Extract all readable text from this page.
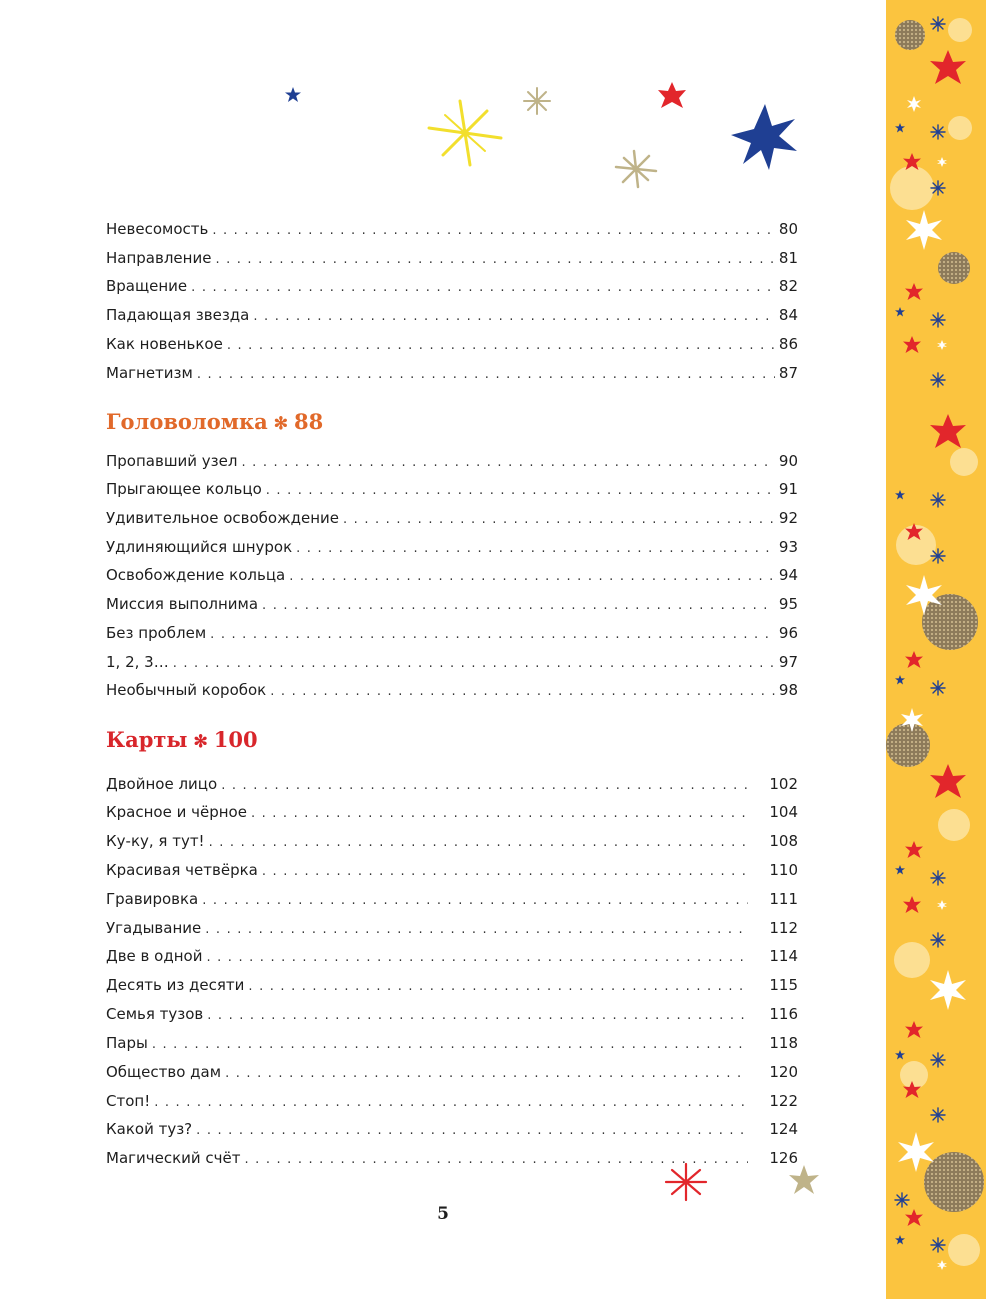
Невесомость . . .	80
Направление . . .	81
Вращение . . .	82
Падающая звезда . . .	84
Как новенькое . . .	86
Магнетизм . . .	87
Головоломка ✻ 88
Пропавший узел . . .	90
Прыгающее кольцо . . .	91
Удивительное освобождение . . .	92
Удлиняющийся шнурок . . .	93
Освобождение кольца . . .	94
Миссия выполнима . . .	95
Без проблем . . .	96
1, 2, 3… . . .	97
Необычный коробок . . .	98
Карты ✻ 100
Двойное лицо . . .	102
Красное и чёрное . . .	104
Ку-ку, я тут! . . .	108
Красивая четвёрка . . .	110
Гравировка . . .	111
Угадывание . . .	112
Две в одной . . .	114
Десять из десяти . . .	115
Семья тузов . . .	116
Пары . . .	118
Общество дам . . .	120
Стоп! . . .	122
Какой туз? . . .	124
Магический счёт . . .	126
5
